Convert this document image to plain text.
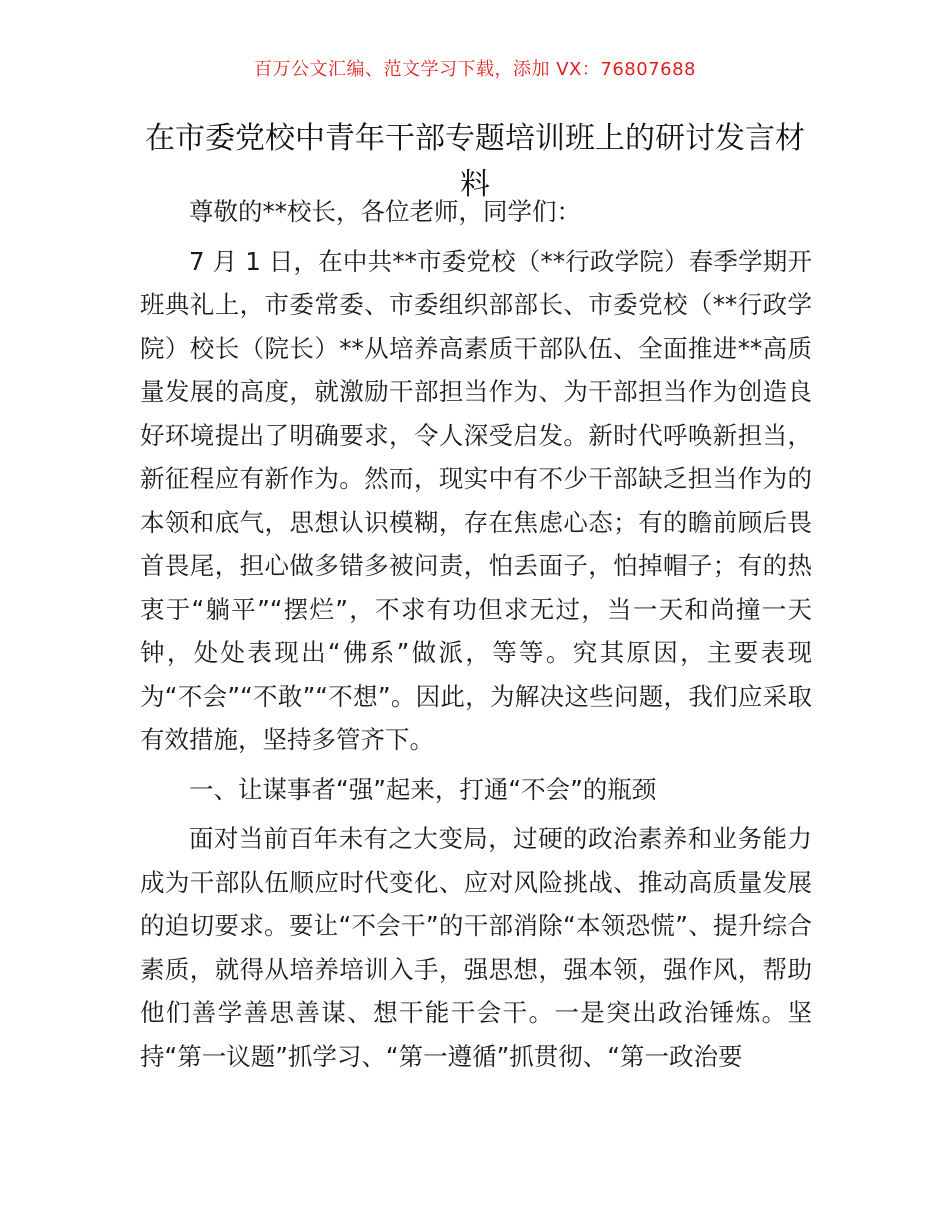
百万公文汇编、范文学习下载，添加 VX：76807688
在市委党校中青年干部专题培训班上的研讨发言材料

尊敬的**校长，各位老师，同学们：

7 月 1 日，在中共**市委党校（**行政学院）春季学期开班典礼上，市委常委、市委组织部部长、市委党校（**行政学院）校长（院长）**从培养高素质干部队伍、全面推进**高质量发展的高度，就激励干部担当作为、为干部担当作为创造良好环境提出了明确要求，令人深受启发。新时代呼唤新担当，新征程应有新作为。然而，现实中有不少干部缺乏担当作为的本领和底气，思想认识模糊，存在焦虑心态；有的瞻前顾后畏首畏尾，担心做多错多被问责，怕丢面子，怕掉帽子；有的热衷于“躺平”“摆烂”，不求有功但求无过，当一天和尚撞一天钟，处处表现出“佛系”做派，等等。究其原因，主要表现为“不会”“不敢”“不想”。因此，为解决这些问题，我们应采取有效措施，坚持多管齐下。

一、让谋事者“强”起来，打通“不会”的瓶颈

面对当前百年未有之大变局，过硬的政治素养和业务能力成为干部队伍顺应时代变化、应对风险挑战、推动高质量发展的迫切要求。要让“不会干”的干部消除“本领恐慌”、提升综合素质，就得从培养培训入手，强思想，强本领，强作风，帮助他们善学善思善谋、想干能干会干。一是突出政治锤炼。坚持“第一议题”抓学习、“第一遵循”抓贯彻、“第一政治要
